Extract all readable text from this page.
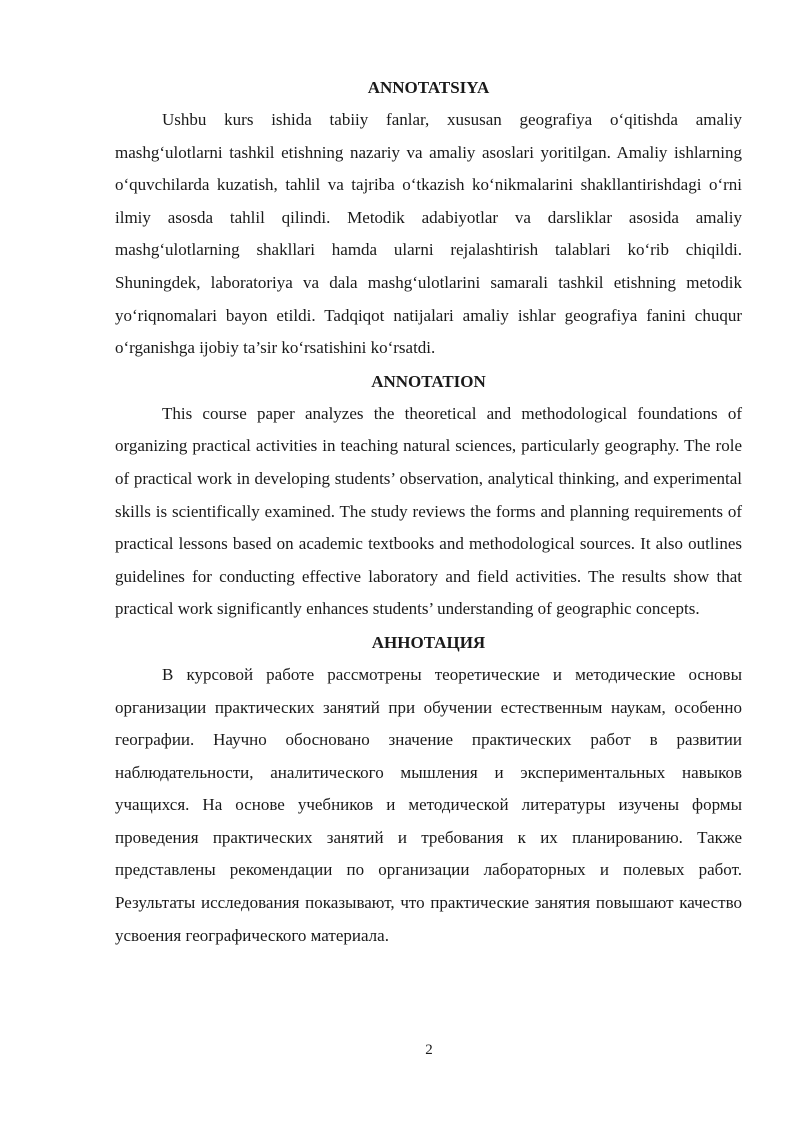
ANNOTATSIYA

Ushbu kurs ishida tabiiy fanlar, xususan geografiya o‘qitishda amaliy mashg‘ulotlarni tashkil etishning nazariy va amaliy asoslari yoritilgan. Amaliy ishlarning o‘quvchilarda kuzatish, tahlil va tajriba o‘tkazish ko‘nikmalarini shakllantirishdagi o‘rni ilmiy asosda tahlil qilindi. Metodik adabiyotlar va darsliklar asosida amaliy mashg‘ulotlarning shakllari hamda ularni rejalashtirish talablari ko‘rib chiqildi. Shuningdek, laboratoriya va dala mashg‘ulotlarini samarali tashkil etishning metodik yo‘riqnomalari bayon etildi. Tadqiqot natijalari amaliy ishlar geografiya fanini chuqur o‘rganishga ijobiy ta’sir ko‘rsatishini ko‘rsatdi.

ANNOTATION

This course paper analyzes the theoretical and methodological foundations of organizing practical activities in teaching natural sciences, particularly geography. The role of practical work in developing students’ observation, analytical thinking, and experimental skills is scientifically examined. The study reviews the forms and planning requirements of practical lessons based on academic textbooks and methodological sources. It also outlines guidelines for conducting effective laboratory and field activities. The results show that practical work significantly enhances students’ understanding of geographic concepts.

АННОТАЦИЯ

В курсовой работе рассмотрены теоретические и методические основы организации практических занятий при обучении естественным наукам, особенно географии. Научно обосновано значение практических работ в развитии наблюдательности, аналитического мышления и экспериментальных навыков учащихся. На основе учебников и методической литературы изучены формы проведения практических занятий и требования к их планированию. Также представлены рекомендации по организации лабораторных и полевых работ. Результаты исследования показывают, что практические занятия повышают качество усвоения географического материала.

2
